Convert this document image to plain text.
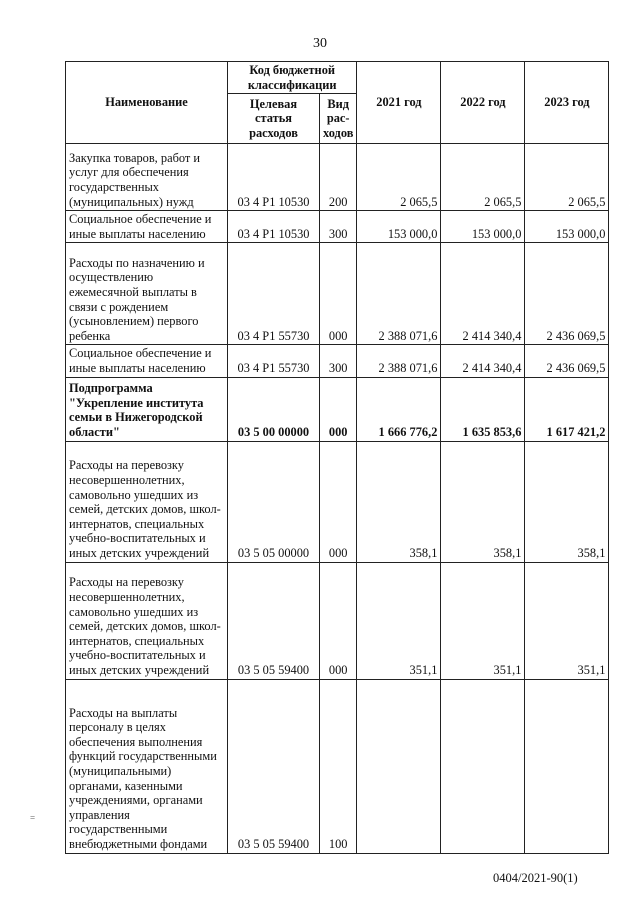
30
Наименование	Код бюджетной классификации		2021 год	2022 год	2023 год
	Целевая статья расходов	Вид рас-ходов			
Закупка товаров, работ и услуг для обеспечения государственных (муниципальных) нужд	03 4 P1 10530	200	2 065,5	2 065,5	2 065,5
Социальное обеспечение и иные выплаты населению	03 4 P1 10530	300	153 000,0	153 000,0	153 000,0
Расходы по назначению и осуществлению ежемесячной выплаты в связи с рождением (усыновлением) первого ребенка	03 4 P1 55730	000	2 388 071,6	2 414 340,4	2 436 069,5
Социальное обеспечение и иные выплаты населению	03 4 P1 55730	300	2 388 071,6	2 414 340,4	2 436 069,5
Подпрограмма "Укрепление института семьи в Нижегородской области"	03 5 00 00000	000	1 666 776,2	1 635 853,6	1 617 421,2
Расходы на перевозку несовершеннолетних, самовольно ушедших из семей, детских домов, школ-интернатов, специальных учебно-воспитательных и иных детских учреждений	03 5 05 00000	000	358,1	358,1	358,1
Расходы на перевозку несовершеннолетних, самовольно ушедших из семей, детских домов, школ-интернатов, специальных учебно-воспитательных и иных детских учреждений	03 5 05 59400	000	351,1	351,1	351,1
Расходы на выплаты персоналу в целях обеспечения выполнения функций государственными (муниципальными) органами, казенными учреждениями, органами управления государственными внебюджетными фондами	03 5 05 59400	100			
=
0404/2021-90(1)
